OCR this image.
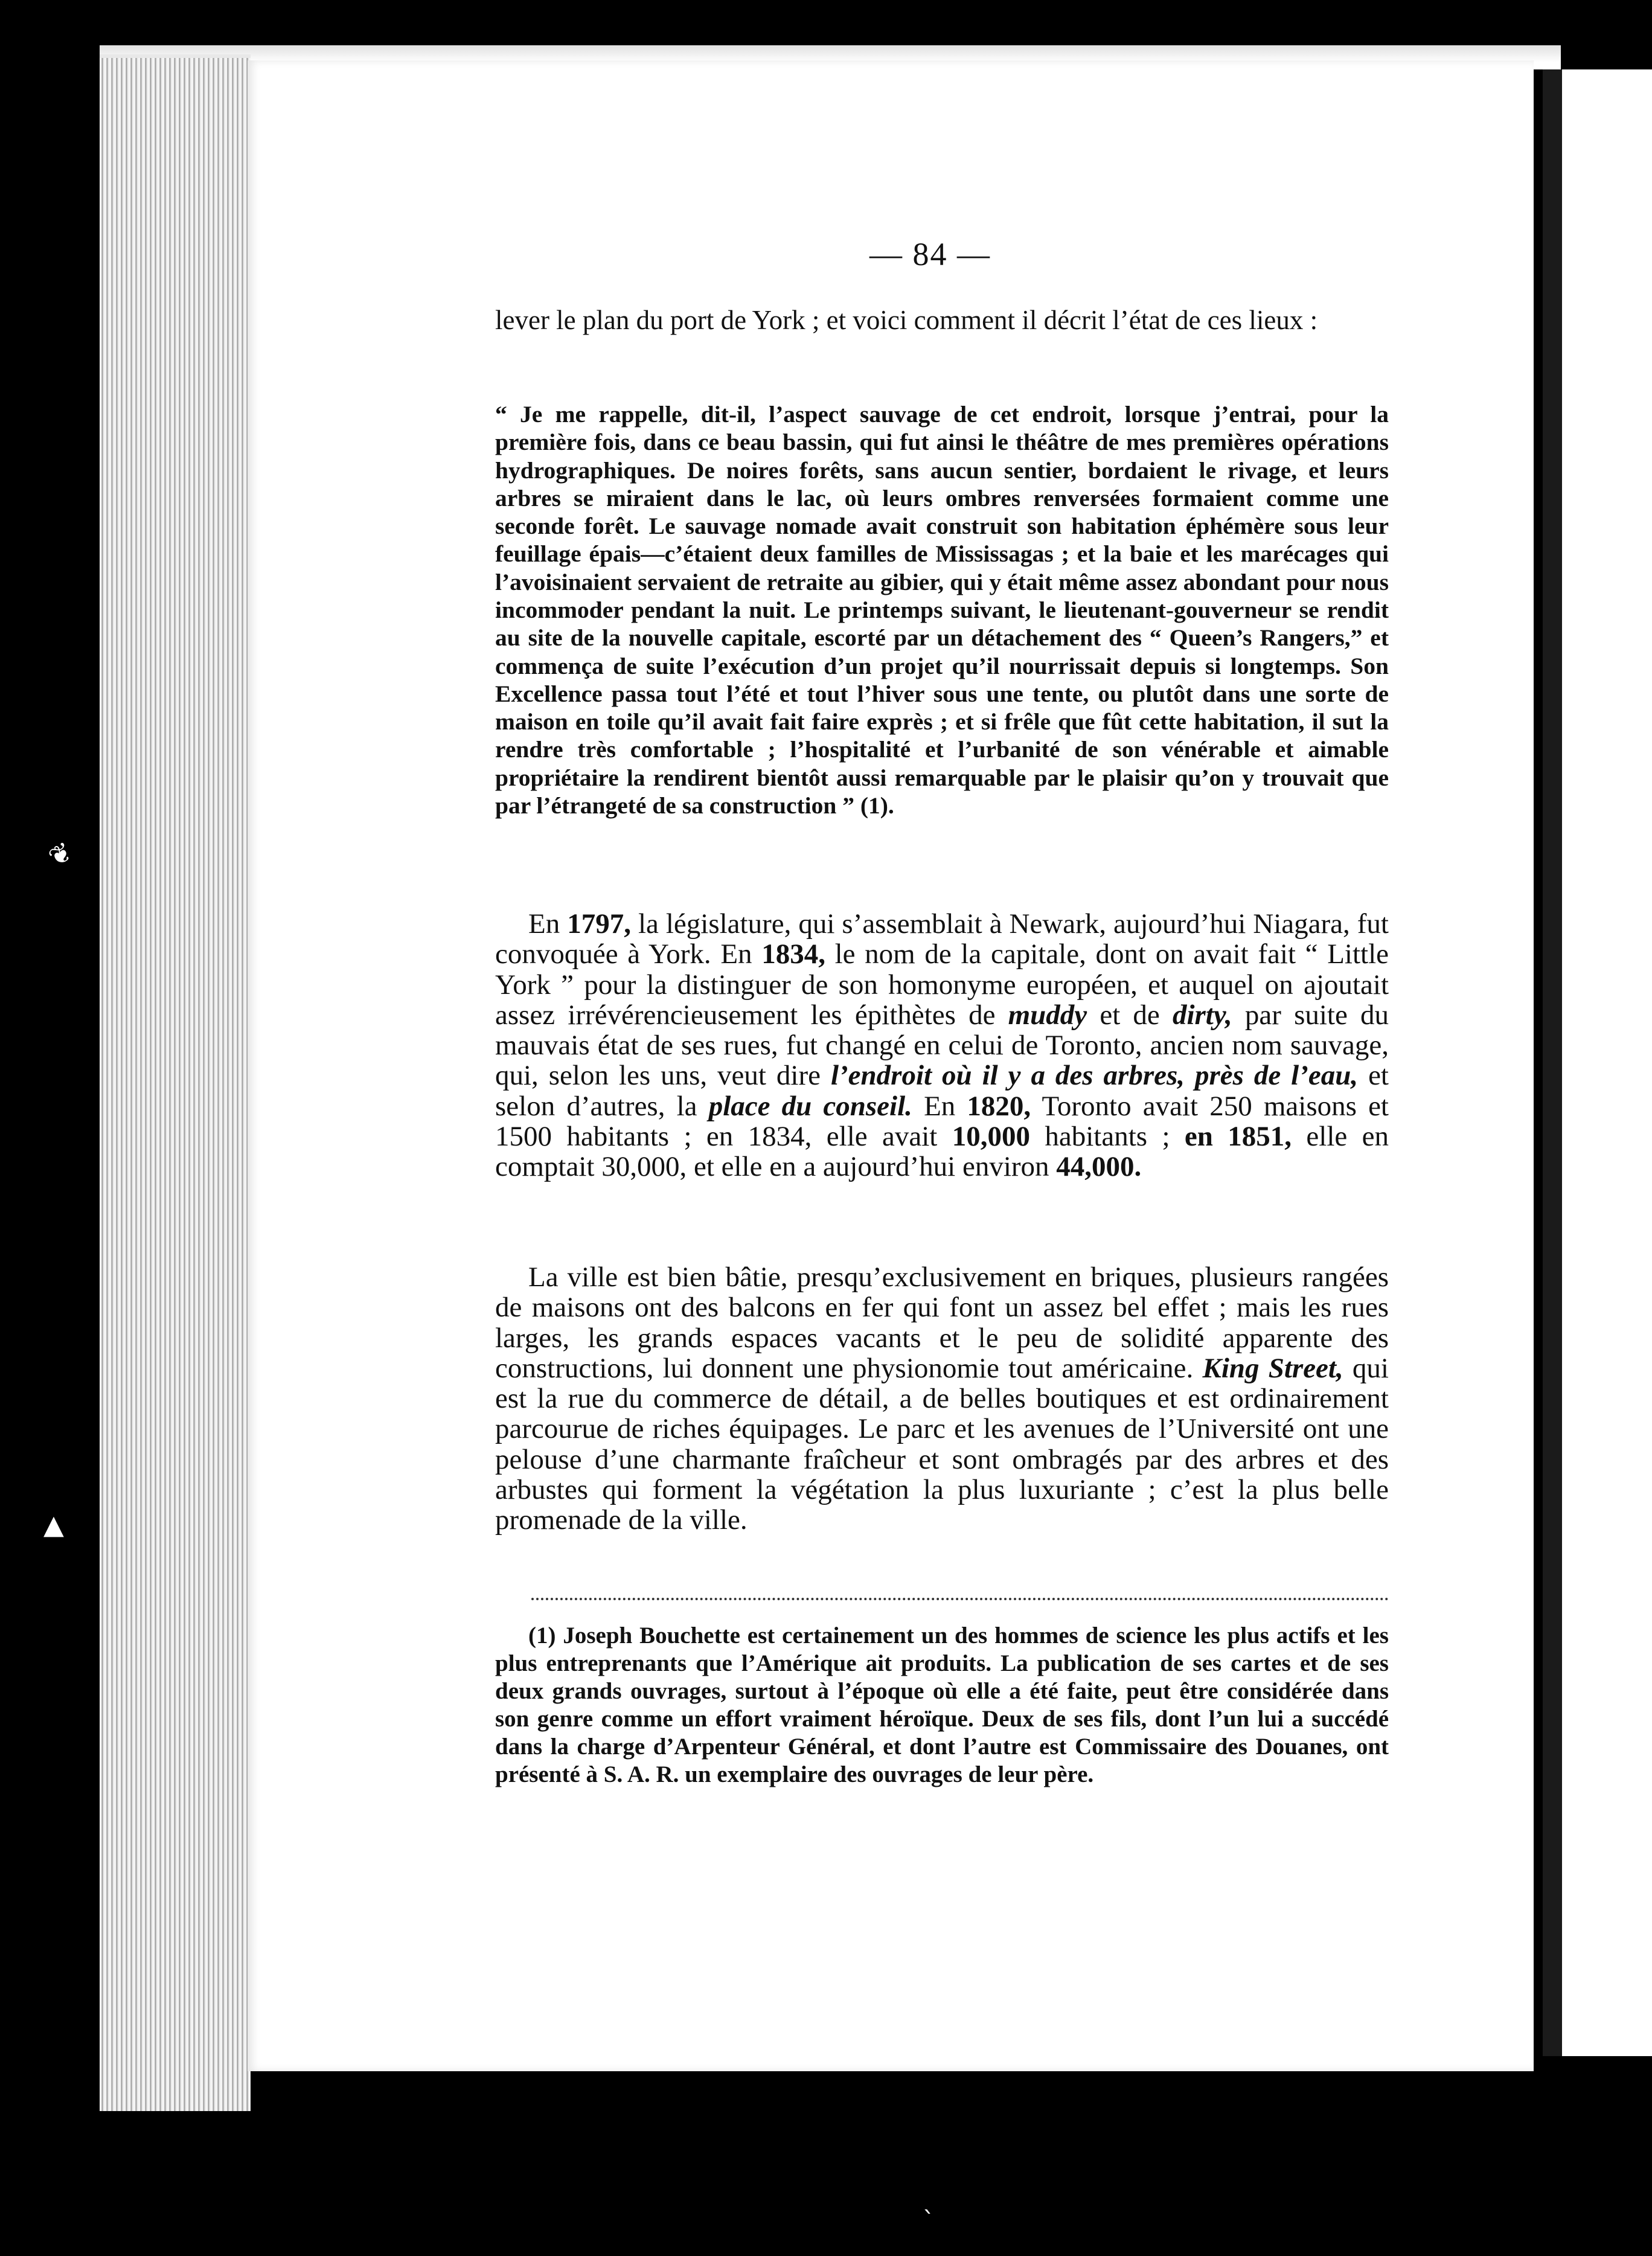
❦
▲
ˋ
— 84 —
lever le plan du port de York ; et voici comment il décrit l’état de ces lieux :
“ Je me rappelle, dit-il, l’aspect sauvage de cet endroit, lorsque j’entrai, pour la première fois, dans ce beau bassin, qui fut ainsi le théâtre de mes premières opérations hydrographiques. De noires forêts, sans aucun sentier, bordaient le rivage, et leurs arbres se miraient dans le lac, où leurs ombres renversées formaient comme une seconde forêt. Le sauvage nomade avait construit son habitation éphémère sous leur feuillage épais—c’étaient deux familles de Mississagas ; et la baie et les marécages qui l’avoisinaient servaient de retraite au gibier, qui y était même assez abondant pour nous incommoder pendant la nuit. Le printemps suivant, le lieutenant-gouverneur se rendit au site de la nouvelle capitale, escorté par un détachement des “ Queen’s Rangers,” et commença de suite l’exécution d’un projet qu’il nourrissait depuis si longtemps. Son Excellence passa tout l’été et tout l’hiver sous une tente, ou plutôt dans une sorte de maison en toile qu’il avait fait faire exprès ; et si frêle que fût cette habitation, il sut la rendre très comfortable ; l’hospitalité et l’urbanité de son vénérable et aimable propriétaire la rendirent bientôt aussi remarquable par le plaisir qu’on y trouvait que par l’étrangeté de sa construction ” (1).
En 1797, la législature, qui s’assemblait à Newark, aujourd’hui Niagara, fut convoquée à York. En 1834, le nom de la capitale, dont on avait fait “ Little York ” pour la distinguer de son homonyme européen, et auquel on ajoutait assez irrévérencieusement les épithètes de muddy et de dirty, par suite du mauvais état de ses rues, fut changé en celui de Toronto, ancien nom sauvage, qui, selon les uns, veut dire l’endroit où il y a des arbres, près de l’eau, et selon d’autres, la place du conseil. En 1820, Toronto avait 250 maisons et 1500 habitants ; en 1834, elle avait 10,000 habitants ; en 1851, elle en comptait 30,000, et elle en a aujourd’hui environ 44,000.
La ville est bien bâtie, presqu’exclusivement en briques, plusieurs rangées de maisons ont des balcons en fer qui font un assez bel effet ; mais les rues larges, les grands espaces vacants et le peu de solidité apparente des constructions, lui donnent une physionomie tout américaine. King Street, qui est la rue du commerce de détail, a de belles boutiques et est ordinairement parcourue de riches équipages. Le parc et les avenues de l’Université ont une pelouse d’une charmante fraîcheur et sont ombragés par des arbres et des arbustes qui forment la végétation la plus luxuriante ; c’est la plus belle promenade de la ville.
(1) Joseph Bouchette est certainement un des hommes de science les plus actifs et les plus entreprenants que l’Amérique ait produits. La publication de ses cartes et de ses deux grands ouvrages, surtout à l’époque où elle a été faite, peut être considérée dans son genre comme un effort vraiment héroïque. Deux de ses fils, dont l’un lui a succédé dans la charge d’Arpenteur Général, et dont l’autre est Commissaire des Douanes, ont présenté à S. A. R. un exemplaire des ouvrages de leur père.
